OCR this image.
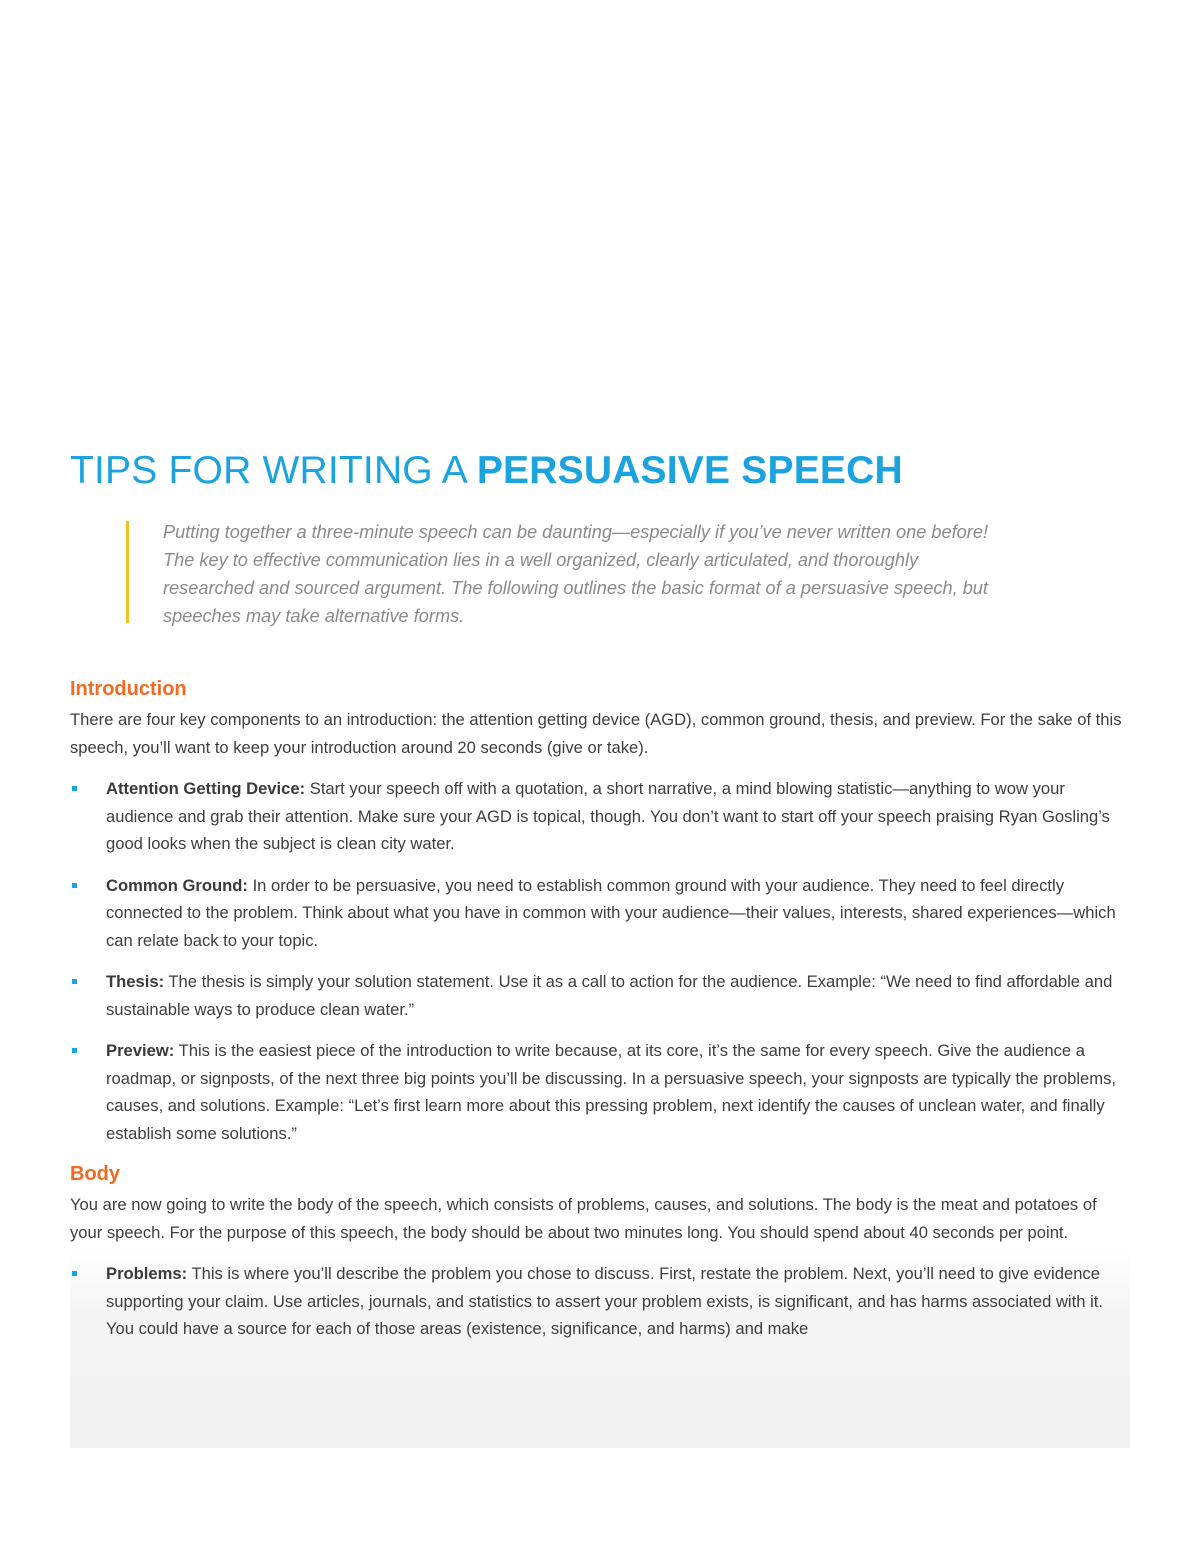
TIPS FOR WRITING A PERSUASIVE SPEECH
Putting together a three-minute speech can be daunting—especially if you’ve never written one before! The key to effective communication lies in a well organized, clearly articulated, and thoroughly researched and sourced argument. The following outlines the basic format of a persuasive speech, but speeches may take alternative forms.
Introduction

There are four key components to an introduction: the attention getting device (AGD), common ground, thesis, and preview. For the sake of this speech, you’ll want to keep your introduction around 20 seconds (give or take).

Attention Getting Device: Start your speech off with a quotation, a short narrative, a mind blowing statistic—anything to wow your audience and grab their attention. Make sure your AGD is topical, though. You don’t want to start off your speech praising Ryan Gosling’s good looks when the subject is clean city water.
Common Ground: In order to be persuasive, you need to establish common ground with your audience. They need to feel directly connected to the problem. Think about what you have in common with your audience—their values, interests, shared experiences—which can relate back to your topic.
Thesis: The thesis is simply your solution statement. Use it as a call to action for the audience. Example: “We need to find affordable and sustainable ways to produce clean water.”
Preview: This is the easiest piece of the introduction to write because, at its core, it’s the same for every speech. Give the audience a roadmap, or signposts, of the next three big points you’ll be discussing. In a persuasive speech, your signposts are typically the problems, causes, and solutions. Example: “Let’s first learn more about this pressing problem, next identify the causes of unclean water, and finally establish some solutions.”
Body

You are now going to write the body of the speech, which consists of problems, causes, and solutions. The body is the meat and potatoes of your speech. For the purpose of this speech, the body should be about two minutes long. You should spend about 40 seconds per point.

Problems: This is where you’ll describe the problem you chose to discuss. First, restate the problem. Next, you’ll need to give evidence supporting your claim. Use articles, journals, and statistics to assert your problem exists, is significant, and has harms associated with it. You could have a source for each of those areas (existence, significance, and harms) and make
